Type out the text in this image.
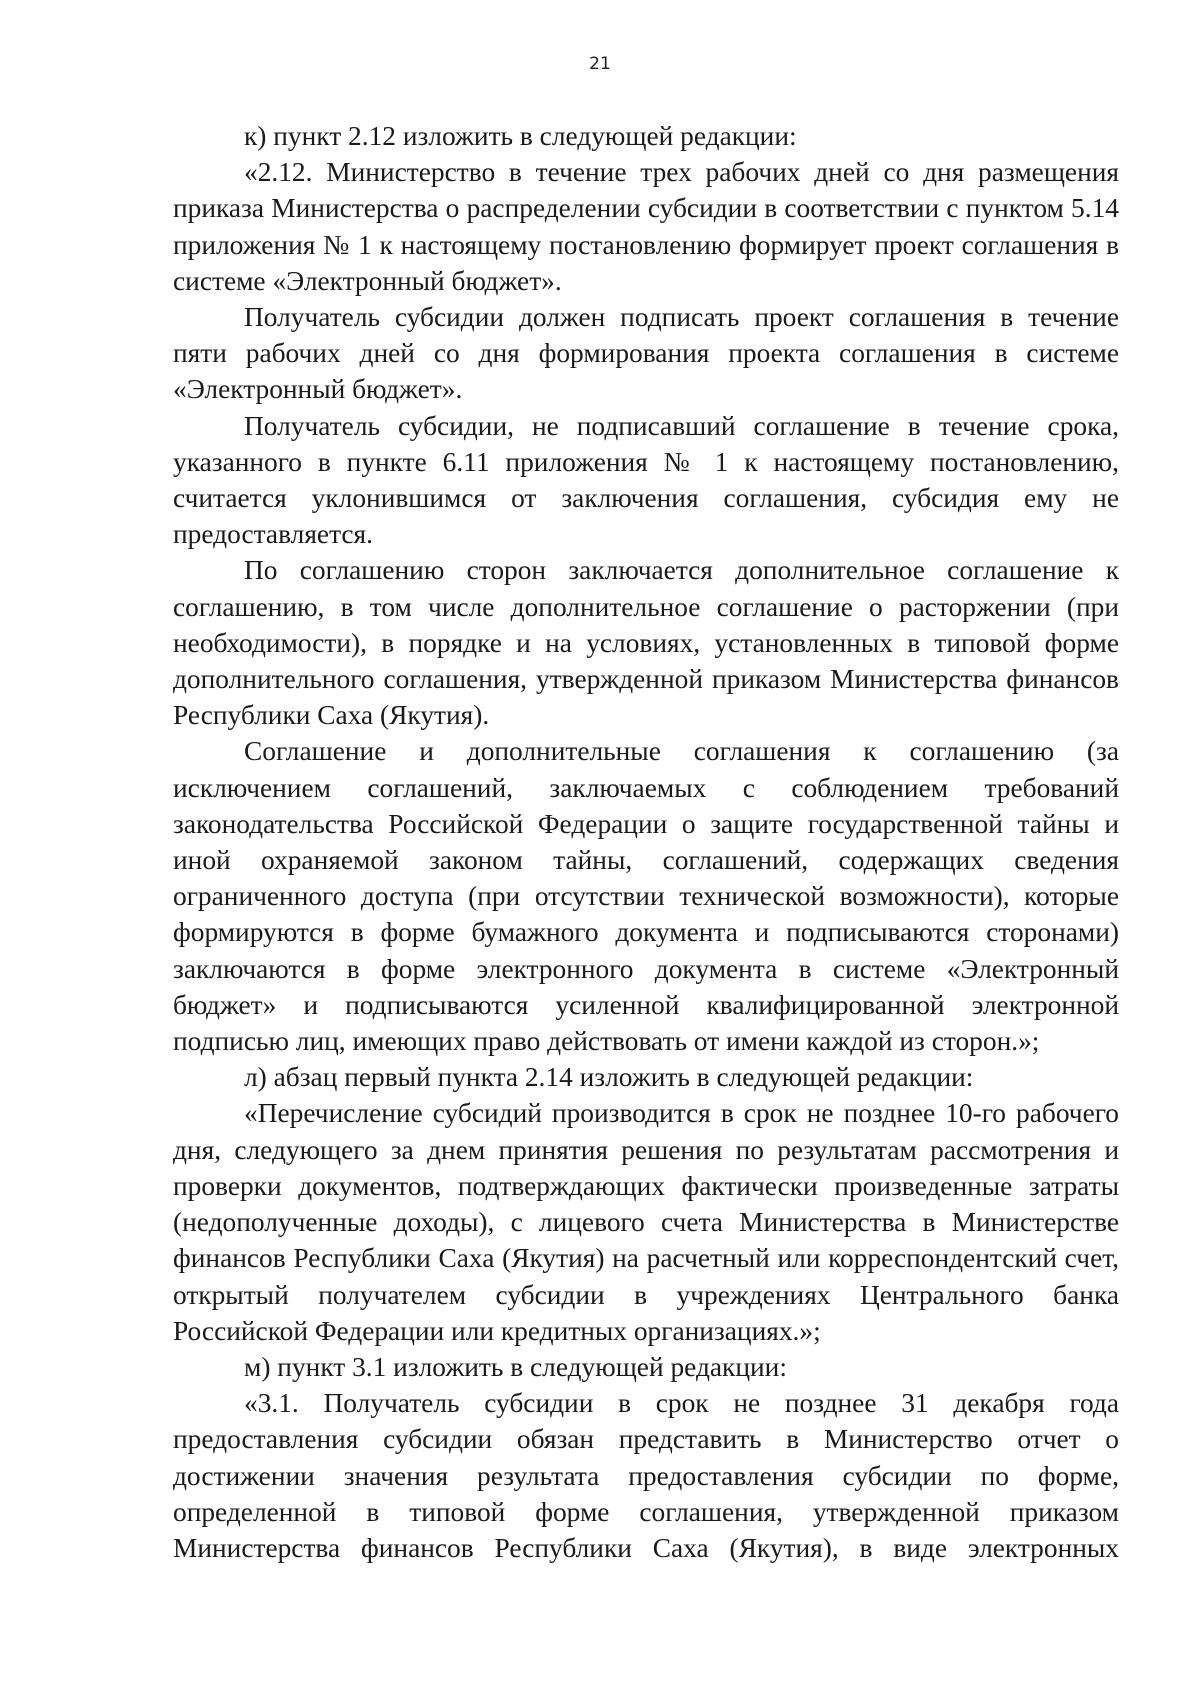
21

к) пункт 2.12 изложить в следующей редакции:

«2.12. Министерство в течение трех рабочих дней со дня размещения приказа Министерства о распределении субсидии в соответствии с пунктом 5.14 приложения № 1 к настоящему постановлению формирует проект соглашения в системе «Электронный бюджет».

Получатель субсидии должен подписать проект соглашения в течение пяти рабочих дней со дня формирования проекта соглашения в системе «Электронный бюджет».

Получатель субсидии, не подписавший соглашение в течение срока, указанного в пункте 6.11 приложения № 1 к настоящему постановлению, считается уклонившимся от заключения соглашения, субсидия ему не предоставляется.

По соглашению сторон заключается дополнительное соглашение к соглашению, в том числе дополнительное соглашение о расторжении (при необходимости), в порядке и на условиях, установленных в типовой форме дополнительного соглашения, утвержденной приказом Министерства финансов Республики Саха (Якутия).

Соглашение и дополнительные соглашения к соглашению (за исключением соглашений, заключаемых с соблюдением требований законодательства Российской Федерации о защите государственной тайны и иной охраняемой законом тайны, соглашений, содержащих сведения ограниченного доступа (при отсутствии технической возможности), которые формируются в форме бумажного документа и подписываются сторонами) заключаются в форме электронного документа в системе «Электронный бюджет» и подписываются усиленной квалифицированной электронной подписью лиц, имеющих право действовать от имени каждой из сторон.»;

л) абзац первый пункта 2.14 изложить в следующей редакции:

«Перечисление субсидий производится в срок не позднее 10-го рабочего дня, следующего за днем принятия решения по результатам рассмотрения и проверки документов, подтверждающих фактически произведенные затраты (недополученные доходы), с лицевого счета Министерства в Министерстве финансов Республики Саха (Якутия) на расчетный или корреспондентский счет, открытый получателем субсидии в учреждениях Центрального банка Российской Федерации или кредитных организациях.»;

м) пункт 3.1 изложить в следующей редакции:

«3.1. Получатель субсидии в срок не позднее 31 декабря года предоставления субсидии обязан представить в Министерство отчет о достижении значения результата предоставления субсидии по форме, определенной в типовой форме соглашения, утвержденной приказом Министерства финансов Республики Саха (Якутия), в виде электронных
